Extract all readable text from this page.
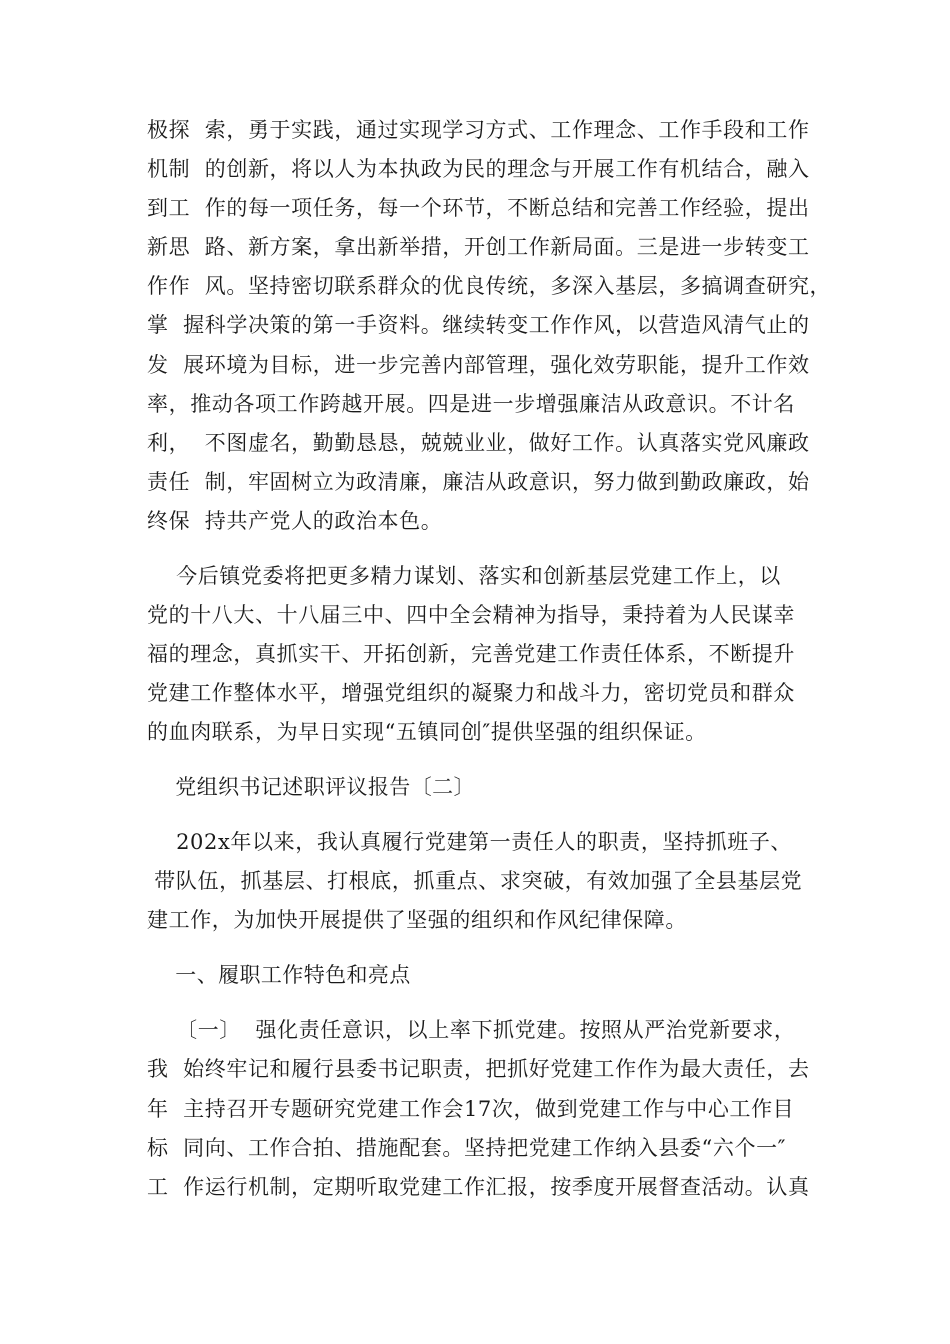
极探  索，勇于实践，通过实现学习方式、工作理念、工作手段和工作
机制  的创新，将以人为本执政为民的理念与开展工作有机结合，融入
到工  作的每一项任务，每一个环节，不断总结和完善工作经验，提出
新思  路、新方案，拿出新举措，开创工作新局面。三是进一步转变工
作作  风。坚持密切联系群众的优良传统，多深入基层，多搞调查研究，
掌  握科学决策的第一手资料。继续转变工作作风，以营造风清气止的
发  展环境为目标，进一步完善内部管理，强化效劳职能，提升工作效
率，推动各项工作跨越开展。四是进一步增强廉洁从政意识。不计名
利，  不图虚名，勤勤恳恳，兢兢业业，做好工作。认真落实党风廉政
责任  制，牢固树立为政清廉，廉洁从政意识，努力做到勤政廉政，始
终保  持共产党人的政治本色。
今后镇党委将把更多精力谋划、落实和创新基层党建工作上，以
党的十八大、十八届三中、四中全会精神为指导，秉持着为人民谋幸
福的理念，真抓实干、开拓创新，完善党建工作责任体系，不断提升
党建工作整体水平，增强党组织的凝聚力和战斗力，密切党员和群众
的血肉联系，为早日实现“五镇同创″提供坚强的组织保证。
党组织书记述职评议报告〔二〕
202x年以来，我认真履行党建第一责任人的职责，坚持抓班子、
带队伍，抓基层、打根底，抓重点、求突破，有效加强了全县基层党
建工作，为加快开展提供了坚强的组织和作风纪律保障。
一、履职工作特色和亮点
〔一〕  强化责任意识，以上率下抓党建。按照从严治党新要求，
我  始终牢记和履行县委书记职责，把抓好党建工作作为最大责任，去
年  主持召开专题研究党建工作会17次，做到党建工作与中心工作目
标  同向、工作合拍、措施配套。坚持把党建工作纳入县委“六个一″
工  作运行机制，定期听取党建工作汇报，按季度开展督查活动。认真
